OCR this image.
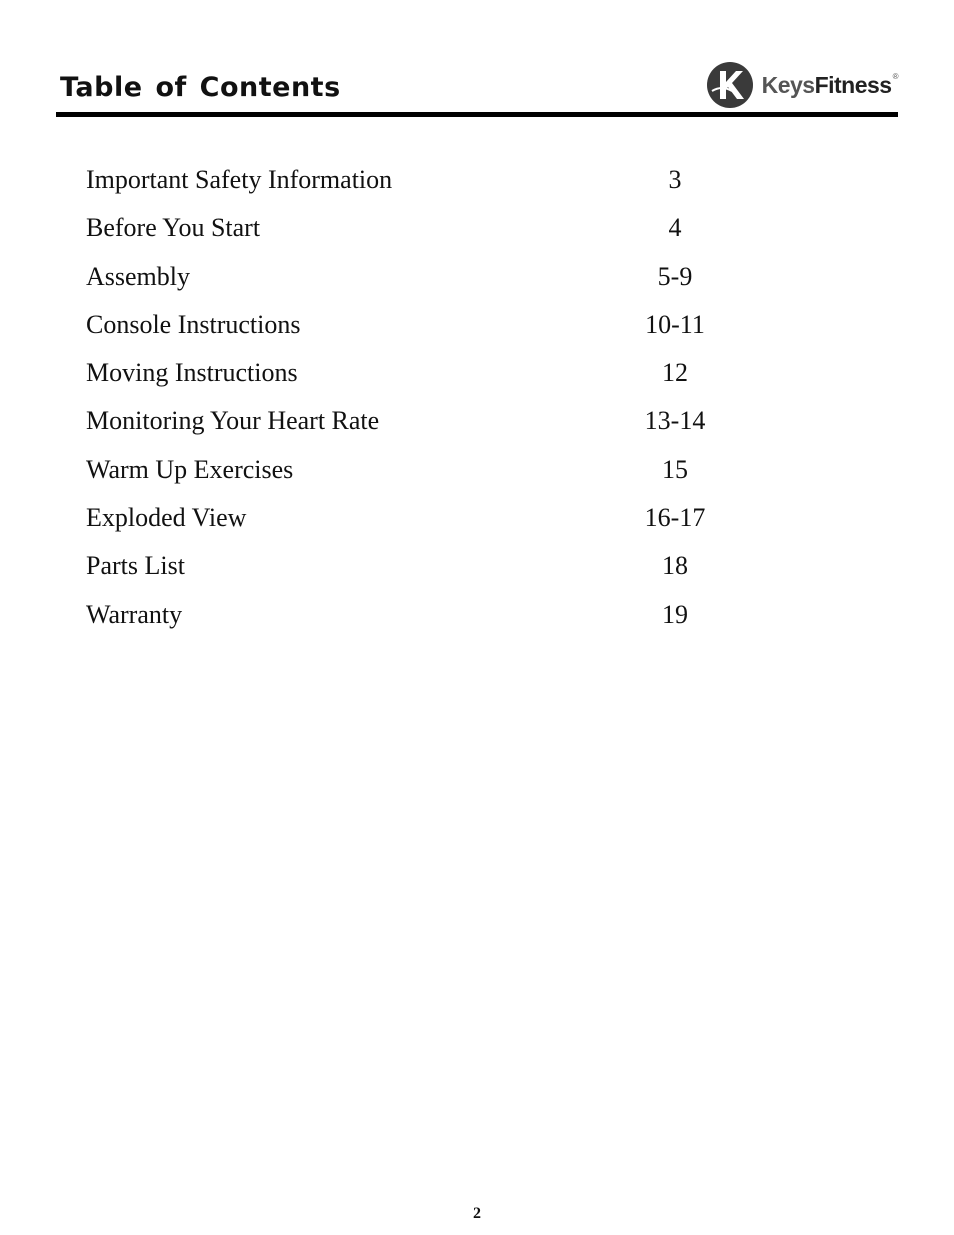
Table of Contents	KeysFitness®
Important Safety Information	3
Before You Start	4
Assembly	5-9
Console Instructions	10-11
Moving Instructions	12
Monitoring Your Heart Rate	13-14
Warm Up Exercises	15
Exploded View	16-17
Parts List	18
Warranty	19
2
